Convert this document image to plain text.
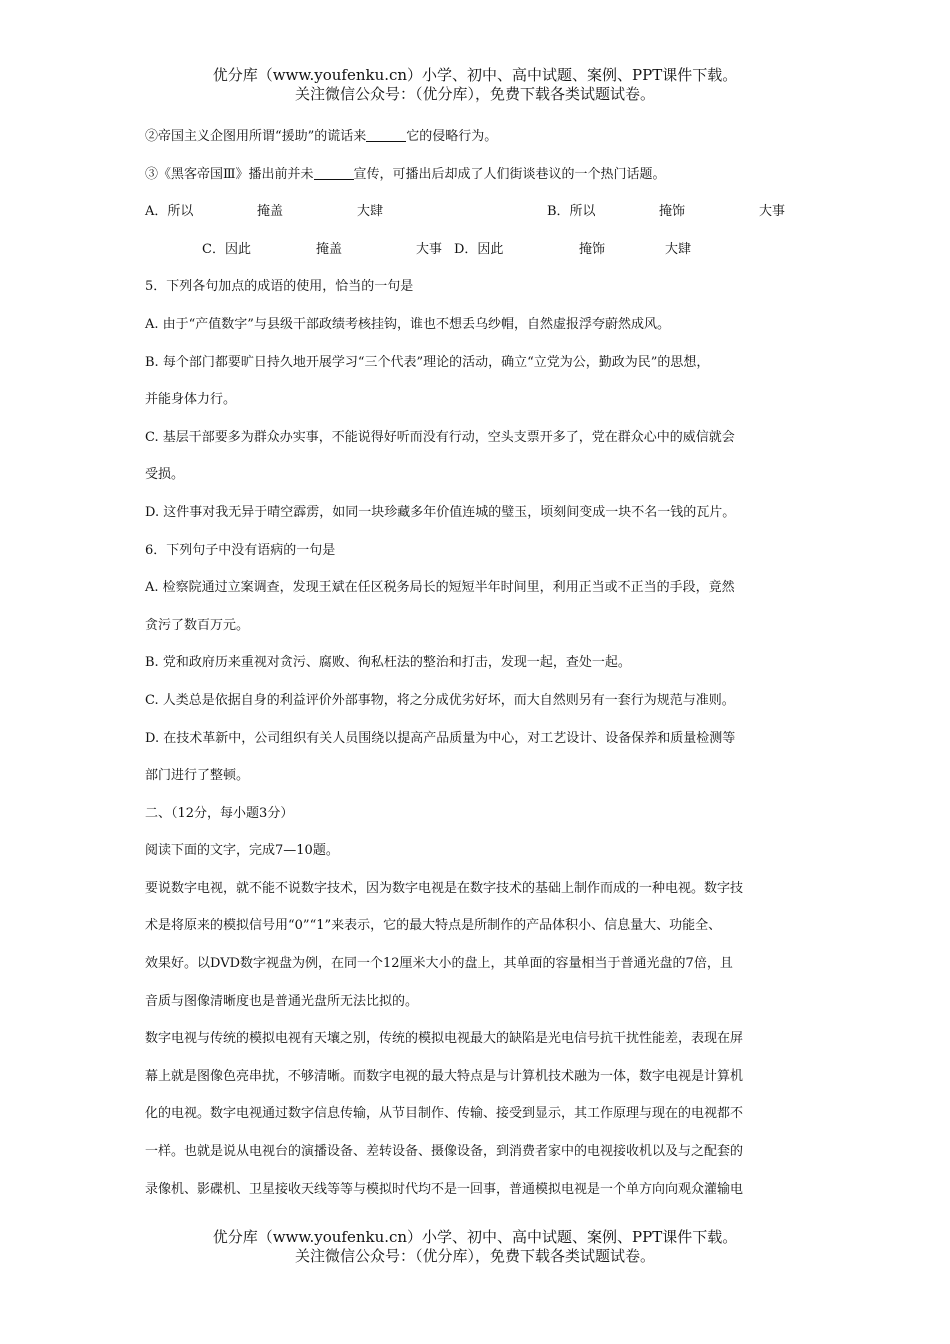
优分库（www.youfenku.cn）小学、初中、高中试题、案例、PPT课件下载。
关注微信公众号：（优分库），免费下载各类试题试卷。
②帝国主义企图用所谓“援助”的谎话来	它的侵略行为。
③《黑客帝国Ⅲ》播出前并未	宣传，可播出后却成了人们街谈巷议的一个热门话题。
A．所以	掩盖	大肆	B．所以	掩饰	大事
C．因此	掩盖	大事 D．因此	掩饰	大肆
5．下列各句加点的成语的使用，恰当的一句是
A. 由于“产值数字”与县级干部政绩考核挂钩，谁也不想丢乌纱帽，自然虚报浮夸蔚然成风。
B. 每个部门都要旷日持久地开展学习“三个代表”理论的活动，确立“立党为公，勤政为民”的思想，
并能身体力行。
C. 基层干部要多为群众办实事，不能说得好听而没有行动，空头支票开多了，党在群众心中的威信就会
受损。
D. 这件事对我无异于晴空霹雳，如同一块珍藏多年价值连城的璧玉，顷刻间变成一块不名一钱的瓦片。
6．下列句子中没有语病的一句是
A. 检察院通过立案调查，发现王斌在任区税务局长的短短半年时间里，利用正当或不正当的手段，竟然
贪污了数百万元。
B. 党和政府历来重视对贪污、腐败、徇私枉法的整治和打击，发现一起，查处一起。
C. 人类总是依据自身的利益评价外部事物，将之分成优劣好坏，而大自然则另有一套行为规范与准则。
D. 在技术革新中，公司组织有关人员围绕以提高产品质量为中心，对工艺设计、设备保养和质量检测等
部门进行了整顿。
二、（12分，每小题3分）
阅读下面的文字，完成7—10题。
要说数字电视，就不能不说数字技术，因为数字电视是在数字技术的基础上制作而成的一种电视。数字技
术是将原来的模拟信号用“0”“1”来表示，它的最大特点是所制作的产品体积小、信息量大、功能全、
效果好。以DVD数字视盘为例，在同一个12厘米大小的盘上，其单面的容量相当于普通光盘的7倍，且
音质与图像清晰度也是普通光盘所无法比拟的。
数字电视与传统的模拟电视有天壤之别，传统的模拟电视最大的缺陷是光电信号抗干扰性能差，表现在屏
幕上就是图像色亮串扰，不够清晰。而数字电视的最大特点是与计算机技术融为一体，数字电视是计算机
化的电视。数字电视通过数字信息传输，从节目制作、传输、接受到显示，其工作原理与现在的电视都不
一样。也就是说从电视台的演播设备、差转设备、摄像设备，到消费者家中的电视接收机以及与之配套的
录像机、影碟机、卫星接收天线等等与模拟时代均不是一回事，普通模拟电视是一个单方向向观众灌输电
优分库（www.youfenku.cn）小学、初中、高中试题、案例、PPT课件下载。
关注微信公众号：（优分库），免费下载各类试题试卷。
